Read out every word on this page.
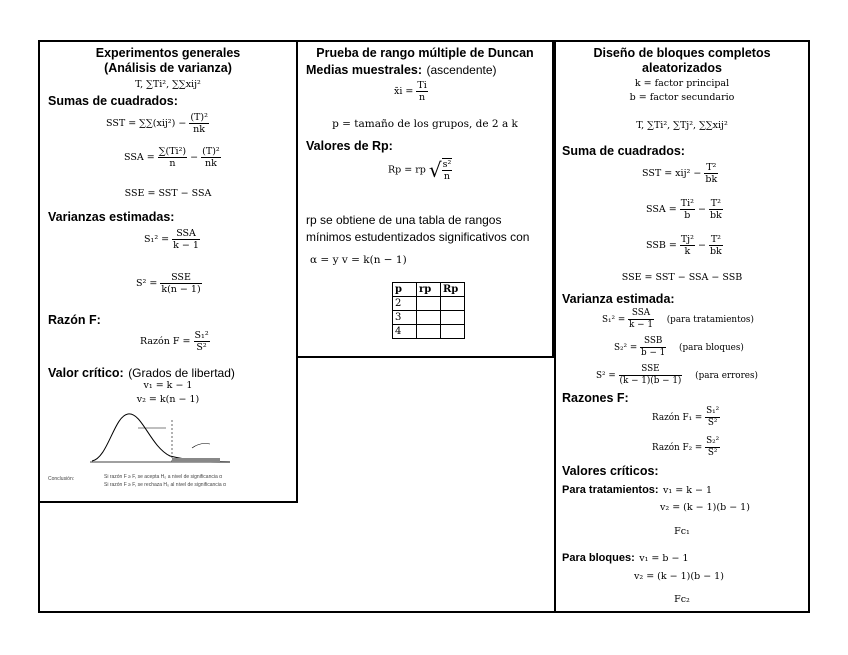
Experimentos generales
(Análisis de varianza)
T, ∑Ti², ∑∑xij²
Sumas de cuadrados:
SST = $\sum\sum(xij^2) - \frac{\text{(T)²}}{nk}$
SSA = $\frac{\text{∑(Ti²)}}{n} - \frac{\text{(T)²}}{nk}$
SSE = SST − SSA
Varianzas estimadas:
$S_1^2 = \frac{\text{SSA}}{k - 1}$
$S^2 = \frac{\text{SSE}}{k(n - 1)}$
Razón F:
Razón $F = \frac{\text{S₁²}}{\text{S²}}$
Valor crítico: (Grados de libertad)
v₁ = k − 1
v₂ = k(n − 1)
Conclusión:	Si razón F ≥ F, se acepta H₀ a nivel de significancia α
Si razón F ≥ F, se rechaza H₀ al nivel de significancia α
Prueba de rango múltiple de Duncan
Medias muestrales: (ascendente)
x̄i = $\frac{Ti}{n}$
p = tamaño de los grupos, de 2 a k
Valores de Rp:
Rp = rp √ $\frac{\text{s²}}{n}$
rp se obtiene de una tabla de rangos
mínimos estudentizados significativos con
α = y v = k(n − 1)
p	rp	Rp
2		
3		
4		
Diseño de bloques completos
aleatorizados
k = factor principal
b = factor secundario
T, ∑Ti², ∑Tj², ∑∑xij²
Suma de cuadrados:
SST = $xij^2 - \frac{\text{T²}}{bk}$
SSA = $\frac{\text{Ti²}}{b} - \frac{\text{T²}}{bk}$
SSB = $\frac{\text{Tj²}}{k} - \frac{\text{T²}}{bk}$
SSE = SST − SSA − SSB
Varianza estimada:
$S_1^2 = \frac{\text{SSA}}{k - 1}$ (para tratamientos)
$S_2^2 = \frac{\text{SSB}}{b - 1}$ (para bloques)
$S^2 = \frac{\text{SSE}}{(k - 1)(b - 1)}$ (para errores)
Razones F:
Razón $F_1 = \frac{\text{S₁²}}{\text{S²}}$
Razón $F_2 = \frac{\text{S₂²}}{\text{S²}}$
Valores críticos:
Para tratamientos: v₁ = k − 1
v₂ = (k − 1)(b − 1)
Fc₁
Para bloques: v₁ = b − 1
v₂ = (k − 1)(b − 1)
Fc₂
